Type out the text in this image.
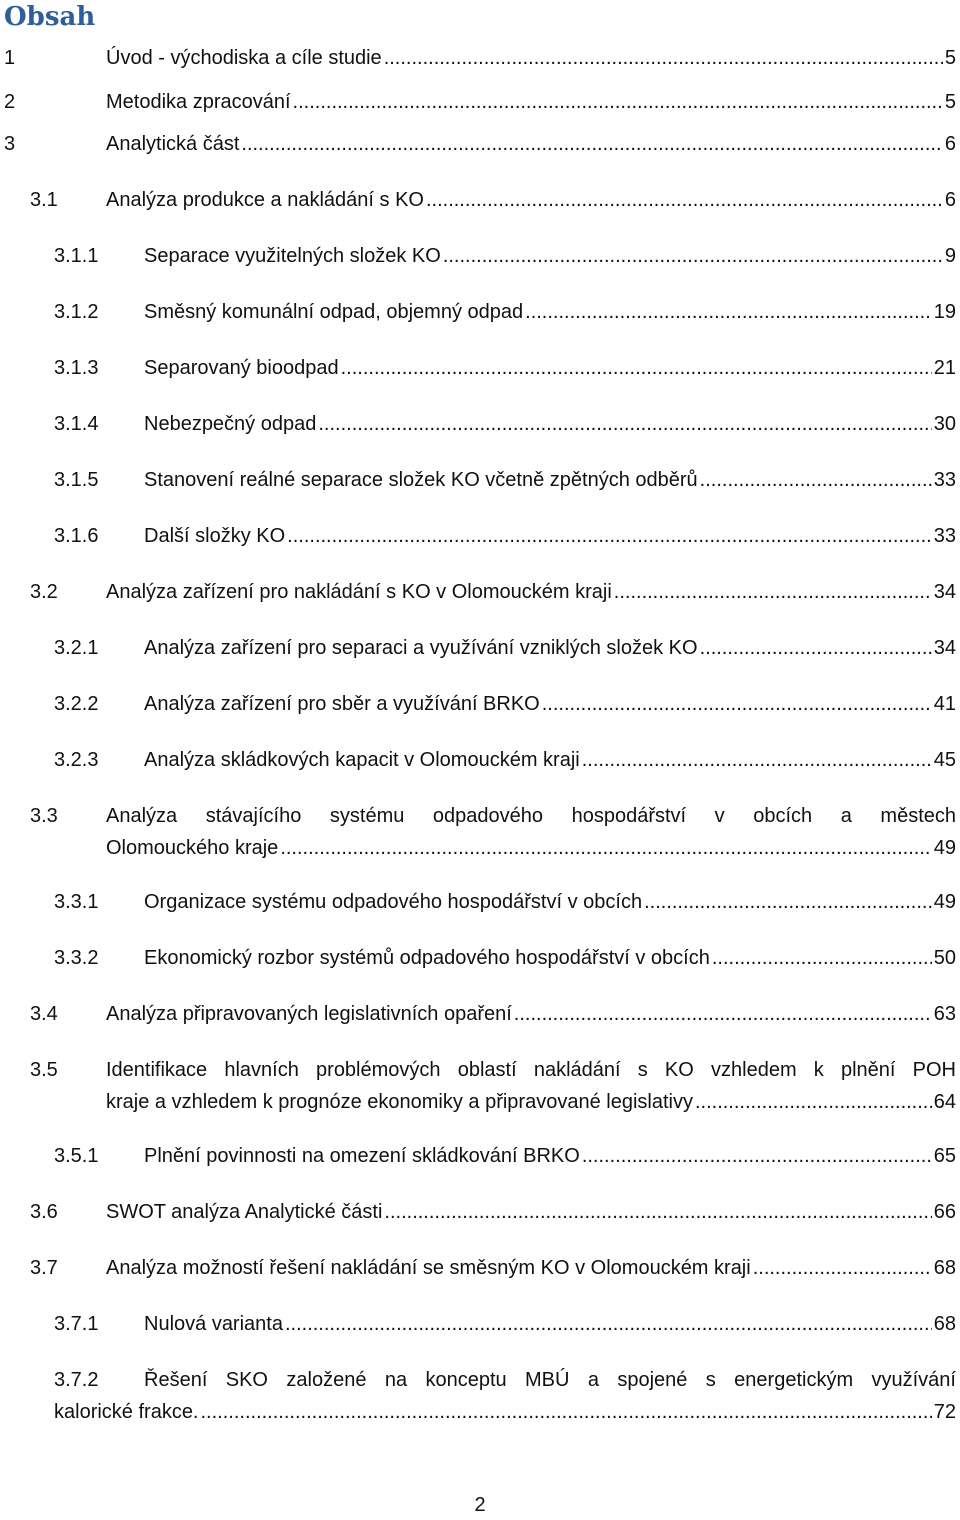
Obsah
1	Úvod - východiska a cíle studie .....	5
2	Metodika zpracování .....	5
3	Analytická část .....	6
3.1 Analýza produkce a nakládání s KO .....	6
3.1.1 Separace využitelných složek KO .....	9
3.1.2 Směsný komunální odpad, objemný odpad .....	19
3.1.3 Separovaný bioodpad .....	21
3.1.4 Nebezpečný odpad .....	30
3.1.5 Stanovení reálné separace složek KO včetně zpětných odběrů .....	33
3.1.6 Další složky KO .....	33
3.2 Analýza zařízení pro nakládání s KO v Olomouckém kraji .....	34
3.2.1 Analýza zařízení pro separaci a využívání vzniklých složek KO .....	34
3.2.2 Analýza zařízení pro sběr a využívání BRKO .....	41
3.2.3 Analýza skládkových kapacit v Olomouckém kraji .....	45
3.3 Analýza stávajícího systému odpadového hospodářství v obcích a městech
Olomouckého kraje .....	49
3.3.1 Organizace systému odpadového hospodářství v obcích .....	49
3.3.2 Ekonomický rozbor systémů odpadového hospodářství v obcích .....	50
3.4 Analýza připravovaných legislativních opaření .....	63
3.5 Identifikace hlavních problémových oblastí nakládání s KO vzhledem k plnění POH
kraje a vzhledem k prognóze ekonomiky a připravované legislativy .....	64
3.5.1 Plnění povinnosti na omezení skládkování BRKO .....	65
3.6 SWOT analýza Analytické části .....	66
3.7 Analýza možností řešení nakládání se směsným KO v Olomouckém kraji .....	68
3.7.1 Nulová varianta .....	68
3.7.2 Řešení SKO založené na konceptu MBÚ a spojené s energetickým využívání
kalorické frakce. .....	72
2
